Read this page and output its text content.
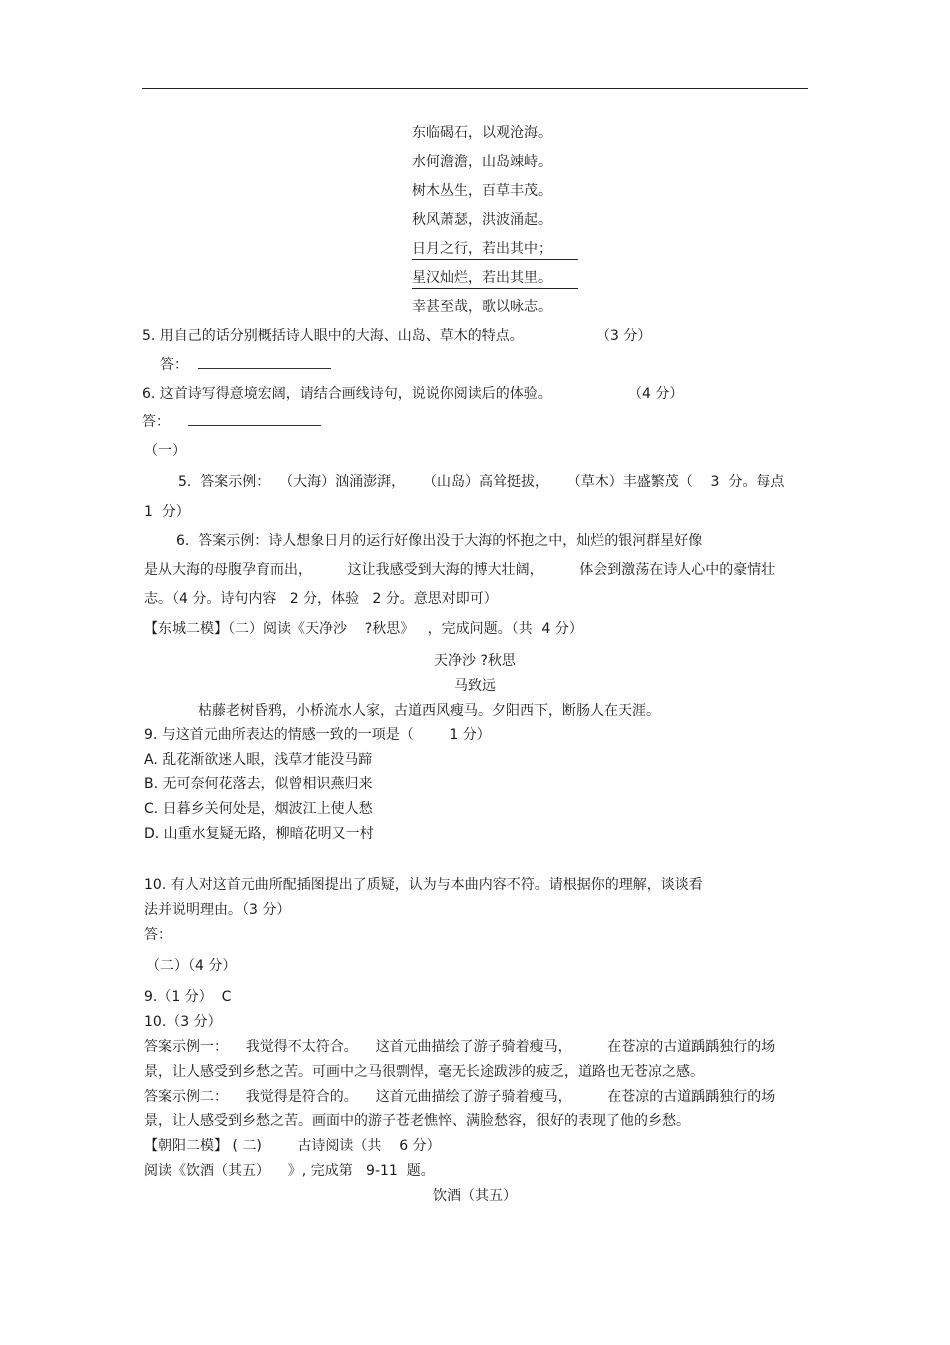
东临碣石，以观沧海。
水何澹澹，山岛竦峙。
树木丛生，百草丰茂。
秋风萧瑟，洪波涌起。
日月之行，若出其中；
星汉灿烂，若出其里。
幸甚至哉，歌以咏志。
5. 用自己的话分别概括诗人眼中的大海、山岛、草木的特点。	（3 分）
答：
6. 这首诗写得意境宏阔，请结合画线诗句，说说你阅读后的体验。	（4 分）
答：
（一）
5.  答案示例：  （大海）汹涌澎湃，    （山岛）高耸挺拔，    （草木）丰盛繁茂（    3  分。每点
1  分）
6.  答案示例：诗人想象日月的运行好像出没于大海的怀抱之中，灿烂的银河群星好像
是从大海的母腹孕育而出，        这让我感受到大海的博大壮阔，        体会到激荡在诗人心中的豪情壮
志。（4 分。诗句内容   2 分，体验   2 分。意思对即可）
【东城二模】（二）阅读《天净沙    ?秋思》   ，完成问题。（共  4 分）
天净沙 ?秋思
马致远
枯藤老树昏鸦，小桥流水人家，古道西风瘦马。夕阳西下，断肠人在天涯。
9. 与这首元曲所表达的情感一致的一项是（        1 分）
A. 乱花渐欲迷人眼，浅草才能没马蹄
B. 无可奈何花落去，似曾相识燕归来
C. 日暮乡关何处是，烟波江上使人愁
D. 山重水复疑无路，柳暗花明又一村
10. 有人对这首元曲所配插图提出了质疑，认为与本曲内容不符。请根据你的理解，谈谈看
法并说明理由。（3 分）
答：
（二）（4 分）
9.（1 分）  C
10.（3 分）
答案示例一：    我觉得不太符合。    这首元曲描绘了游子骑着瘦马，        在苍凉的古道踽踽独行的场
景，让人感受到乡愁之苦。可画中之马很剽悍，毫无长途跋涉的疲乏，道路也无苍凉之感。
答案示例二：    我觉得是符合的。    这首元曲描绘了游子骑着瘦马，        在苍凉的古道踽踽独行的场
景，让人感受到乡愁之苦。画面中的游子苍老憔悴、满脸愁容，很好的表现了他的乡愁。
【朝阳二模】 ( 二)        古诗阅读（共    6 分）
阅读《饮酒（其五）    》, 完成第   9-11  题。
饮酒（其五）
